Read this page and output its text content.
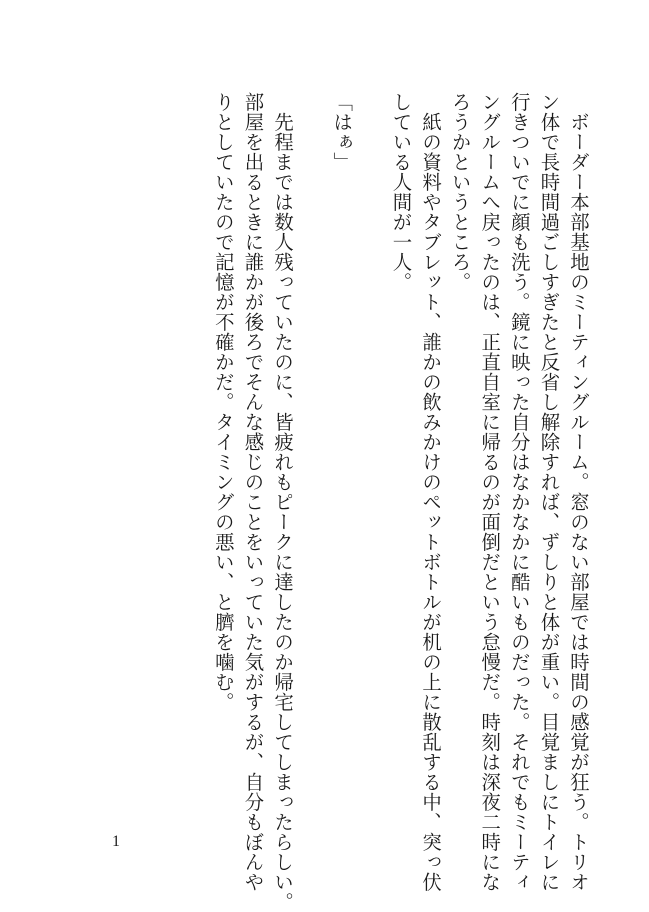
　ボーダー本部基地のミーティングルーム。窓のない部屋では時間の感覚が狂う。トリオ
ン体で長時間過ごしすぎたと反省し解除すれば、ずしりと体が重い。目覚ましにトイレに
行きついでに顔も洗う。鏡に映った自分はなかなかに酷いものだった。それでもミーティ
ングルームへ戻ったのは、正直自室に帰るのが面倒だという怠慢だ。時刻は深夜二時にな
ろうかというところ。
　紙の資料やタブレット、誰かの飲みかけのペットボトルが机の上に散乱する中、突っ伏
している人間が一人。

「はぁ」

　先程までは数人残っていたのに、皆疲れもピークに達したのか帰宅してしまったらしい。
部屋を出るときに誰かが後ろでそんな感じのことをいっていた気がするが、自分もぼんや
りとしていたので記憶が不確かだ。タイミングの悪い、と臍を噛む。
1
